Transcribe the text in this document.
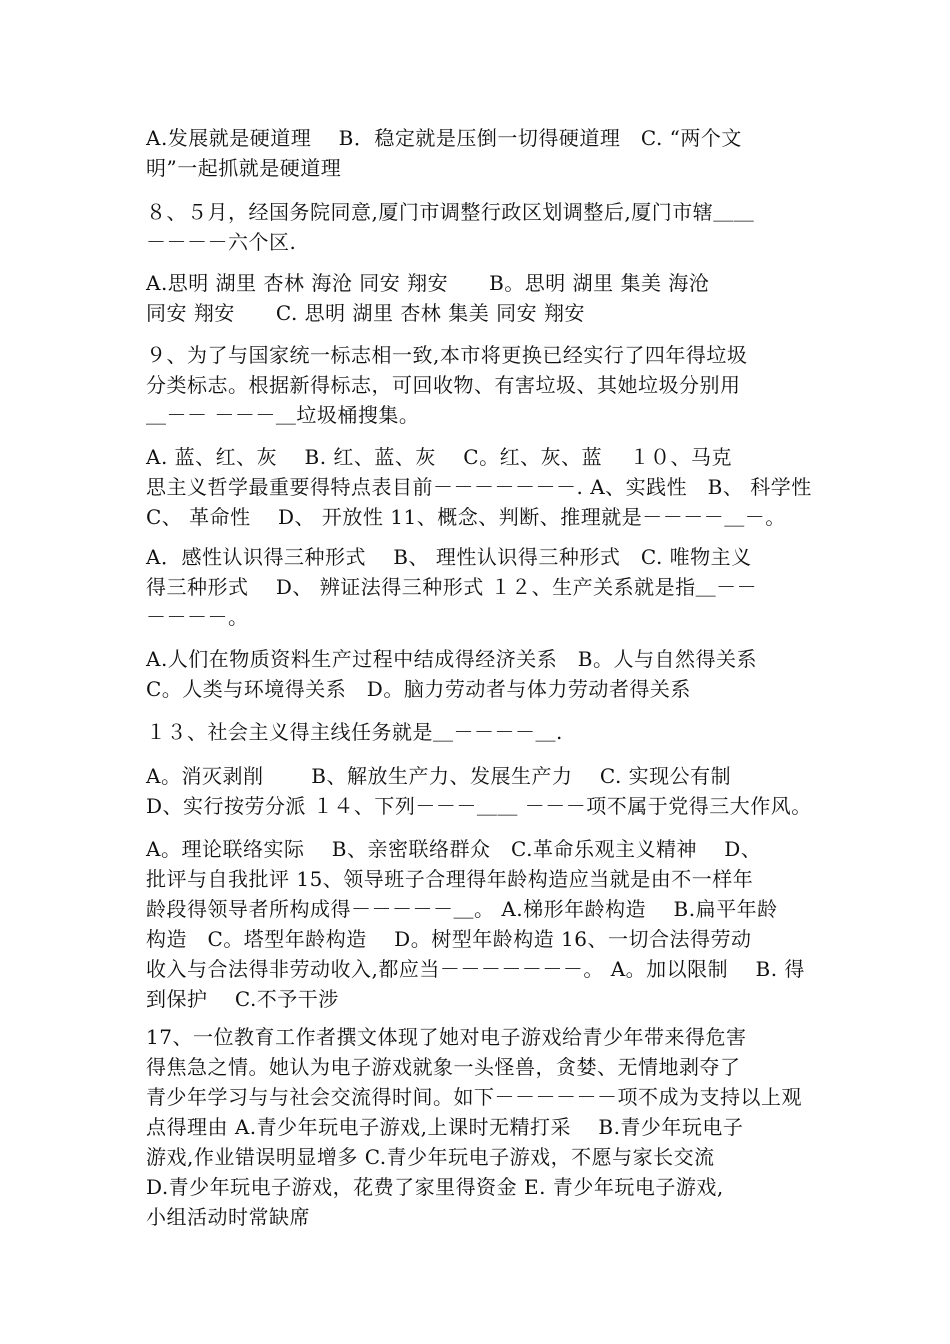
A.发展就是硬道理　 B．稳定就是压倒一切得硬道理　C. “两个文
明”一起抓就是硬道理
８、５月，经国务院同意,厦门市调整行政区划调整后,厦门市辖＿＿
－－－－六个区.
A.思明 湖里 杏林 海沧 同安 翔安　　B。思明 湖里 集美 海沧
同安 翔安　　C. 思明 湖里 杏林 集美 同安 翔安
９、为了与国家统一标志相一致,本市将更换已经实行了四年得垃圾
分类标志。根据新得标志，可回收物、有害垃圾、其她垃圾分别用
＿－－ －－－＿垃圾桶搜集。
A. 蓝、红、灰　 B. 红、蓝、灰　 C。红、灰、蓝　 １０、马克
思主义哲学最重要得特点表目前－－－－－－－. A、实践性　B、 科学性
C、 革命性　 D、 开放性 11、概念、判断、推理就是－－－－＿－。
A．感性认识得三种形式　 B、 理性认识得三种形式　C. 唯物主义
得三种形式　 D、 辨证法得三种形式 １２、生产关系就是指＿－－
－－－－。
A.人们在物质资料生产过程中结成得经济关系　B。人与自然得关系
C。人类与环境得关系　D。脑力劳动者与体力劳动者得关系
１３、社会主义得主线任务就是＿－－－－＿.
A。消灭剥削　　 B、解放生产力、发展生产力　 C. 实现公有制
D、实行按劳分派 １４、下列－－－＿＿ －－－项不属于党得三大作风。
A。理论联络实际　 B、亲密联络群众　C.革命乐观主义精神　 D、
批评与自我批评 15、领导班子合理得年龄构造应当就是由不一样年
龄段得领导者所构成得－－－－－＿。 A.梯形年龄构造　 B.扁平年龄
构造　C。塔型年龄构造　 D。树型年龄构造 16、一切合法得劳动
收入与合法得非劳动收入,都应当－－－－－－－。 A。加以限制　 B. 得
到保护　 C.不予干涉
17、一位教育工作者撰文体现了她对电子游戏给青少年带来得危害
得焦急之情。她认为电子游戏就象一头怪兽，贪婪、无情地剥夺了
青少年学习与与社会交流得时间。如下－－－－－－项不成为支持以上观
点得理由 A.青少年玩电子游戏,上课时无精打采　 B.青少年玩电子
游戏,作业错误明显增多 C.青少年玩电子游戏，不愿与家长交流
D.青少年玩电子游戏，花费了家里得资金 E. 青少年玩电子游戏,
小组活动时常缺席
